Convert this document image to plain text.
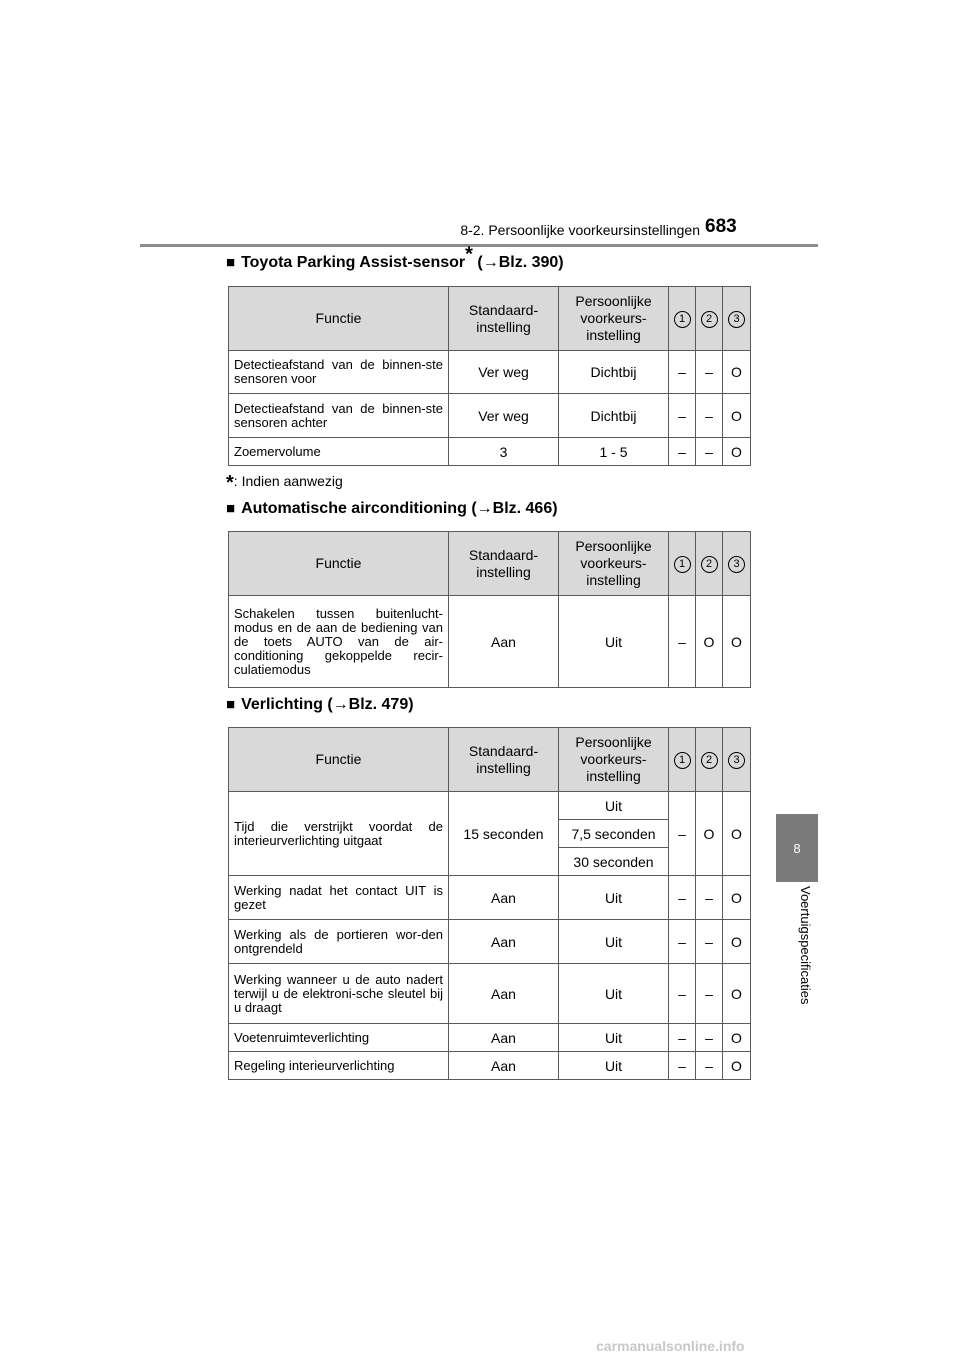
8-2. Persoonlijke voorkeursinstellingen 683
8
Voertuigspecificaties
■ Toyota Parking Assist-sensor* (→Blz. 390)
Functie	Standaard-instelling	Persoonlijke voorkeurs-instelling	1	2	3
Detectieafstand van de binnen-ste sensoren voor	Ver weg	Dichtbij	–	–	O
Detectieafstand van de binnen-ste sensoren achter	Ver weg	Dichtbij	–	–	O
Zoemervolume	3	1 - 5	–	–	O
*: Indien aanwezig
■ Automatische airconditioning (→Blz. 466)
Functie	Standaard-instelling	Persoonlijke voorkeurs-instelling	1	2	3
Schakelen tussen buitenlucht-modus en de aan de bediening van de toets AUTO van de air-conditioning gekoppelde recir-culatiemodus	Aan	Uit	–	O	O
■ Verlichting (→Blz. 479)
Functie	Standaard-instelling	Persoonlijke voorkeurs-instelling	1	2	3
Tijd die verstrijkt voordat de interieurverlichting uitgaat	15 seconden	Uit	–	O	O
		7,5 seconden			
		30 seconden			
Werking nadat het contact UIT is gezet	Aan	Uit	–	–	O
Werking als de portieren wor-den ontgrendeld	Aan	Uit	–	–	O
Werking wanneer u de auto nadert terwijl u de elektroni-sche sleutel bij u draagt	Aan	Uit	–	–	O
Voetenruimteverlichting	Aan	Uit	–	–	O
Regeling interieurverlichting	Aan	Uit	–	–	O
carmanualsonline.info
